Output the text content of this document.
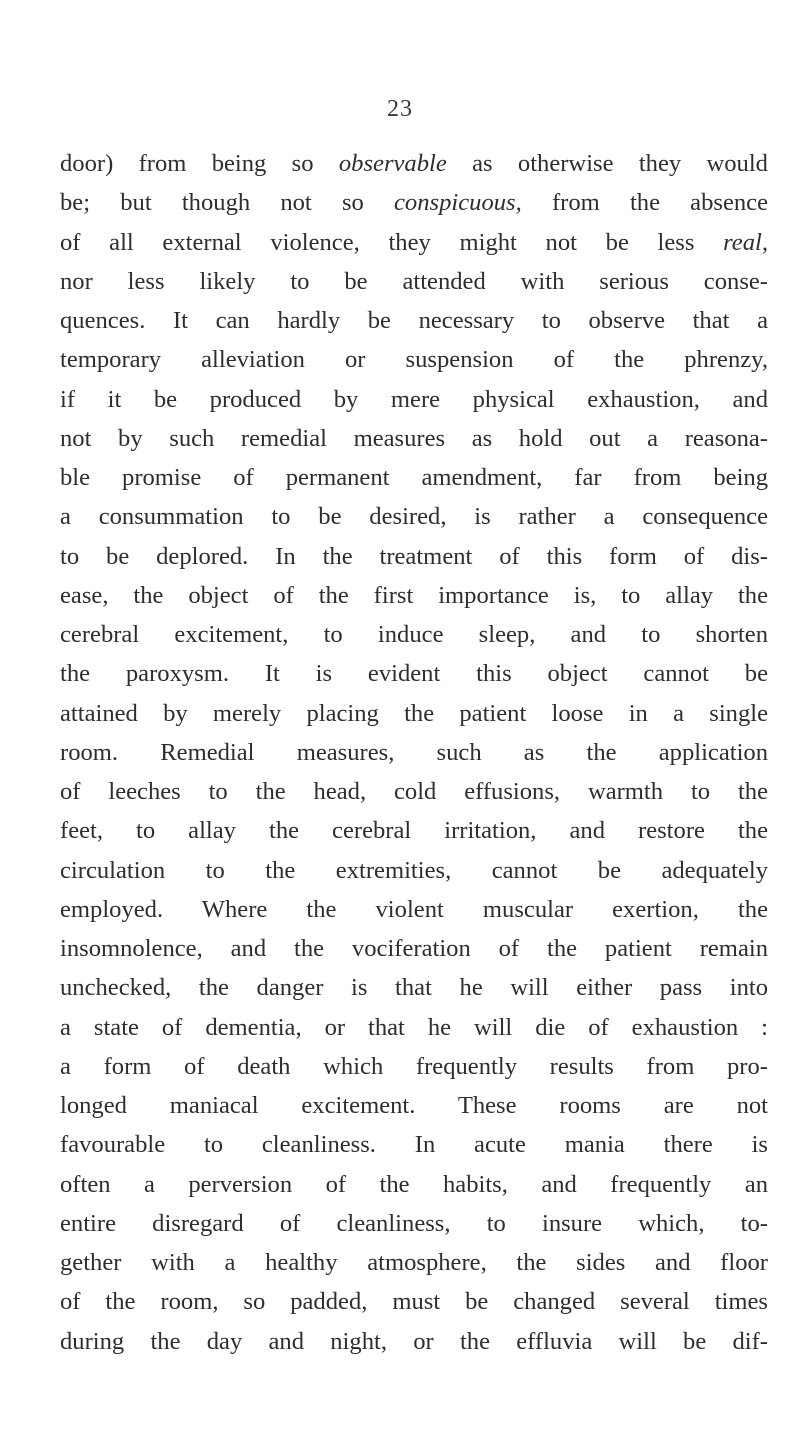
23
door) from being so observable as otherwise they would
be; but though not so conspicuous, from the absence
of all external violence, they might not be less real,
nor less likely to be attended with serious conse-
quences. It can hardly be necessary to observe that a
temporary alleviation or suspension of the phrenzy,
if it be produced by mere physical exhaustion, and
not by such remedial measures as hold out a reasona-
ble promise of permanent amendment, far from being
a consummation to be desired, is rather a consequence
to be deplored. In the treatment of this form of dis-
ease, the object of the first importance is, to allay the
cerebral excitement, to induce sleep, and to shorten
the paroxysm. It is evident this object cannot be
attained by merely placing the patient loose in a single
room. Remedial measures, such as the application
of leeches to the head, cold effusions, warmth to the
feet, to allay the cerebral irritation, and restore the
circulation to the extremities, cannot be adequately
employed. Where the violent muscular exertion, the
insomnolence, and the vociferation of the patient remain
unchecked, the danger is that he will either pass into
a state of dementia, or that he will die of exhaustion :
a form of death which frequently results from pro-
longed maniacal excitement. These rooms are not
favourable to cleanliness. In acute mania there is
often a perversion of the habits, and frequently an
entire disregard of cleanliness, to insure which, to-
gether with a healthy atmosphere, the sides and floor
of the room, so padded, must be changed several times
during the day and night, or the effluvia will be dif-
